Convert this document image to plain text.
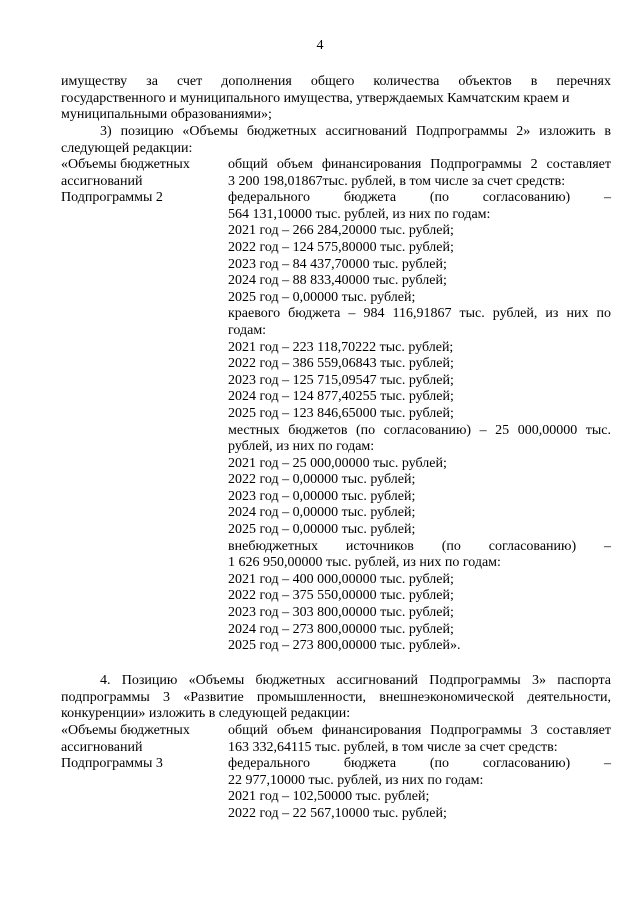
4
имуществу за счет дополнения общего количества объектов в перечнях
государственного и муниципального имущества, утверждаемых Камчатским краем и
муниципальными образованиями»;
3) позицию «Объемы бюджетных ассигнований Подпрограммы 2» изложить в
следующей редакции:
«Объемы бюджетных
ассигнований
Подпрограммы 2
общий объем финансирования Подпрограммы 2 составляет
3 200 198,01867тыс. рублей, в том числе за счет средств:
федерального бюджета (по согласованию) –
564 131,10000 тыс. рублей, из них по годам:
2021 год – 266 284,20000 тыс. рублей;
2022 год – 124 575,80000 тыс. рублей;
2023 год – 84 437,70000 тыс. рублей;
2024 год – 88 833,40000 тыс. рублей;
2025 год – 0,00000 тыс. рублей;
краевого бюджета – 984 116,91867 тыс. рублей, из них по
годам:
2021 год – 223 118,70222 тыс. рублей;
2022 год – 386 559,06843 тыс. рублей;
2023 год – 125 715,09547 тыс. рублей;
2024 год – 124 877,40255 тыс. рублей;
2025 год – 123 846,65000 тыс. рублей;
местных бюджетов (по согласованию) – 25 000,00000 тыс.
рублей, из них по годам:
2021 год – 25 000,00000 тыс. рублей;
2022 год – 0,00000 тыс. рублей;
2023 год – 0,00000 тыс. рублей;
2024 год – 0,00000 тыс. рублей;
2025 год – 0,00000 тыс. рублей;
внебюджетных источников (по согласованию) –
1 626 950,00000 тыс. рублей, из них по годам:
2021 год – 400 000,00000 тыс. рублей;
2022 год – 375 550,00000 тыс. рублей;
2023 год – 303 800,00000 тыс. рублей;
2024 год – 273 800,00000 тыс. рублей;
2025 год – 273 800,00000 тыс. рублей».
4. Позицию «Объемы бюджетных ассигнований Подпрограммы 3» паспорта
подпрограммы 3 «Развитие промышленности, внешнеэкономической деятельности,
конкуренции» изложить в следующей редакции:
«Объемы бюджетных
ассигнований
Подпрограммы 3
общий объем финансирования Подпрограммы 3 составляет
163 332,64115 тыс. рублей, в том числе за счет средств:
федерального бюджета (по согласованию) –
22 977,10000 тыс. рублей, из них по годам:
2021 год – 102,50000 тыс. рублей;
2022 год – 22 567,10000 тыс. рублей;
